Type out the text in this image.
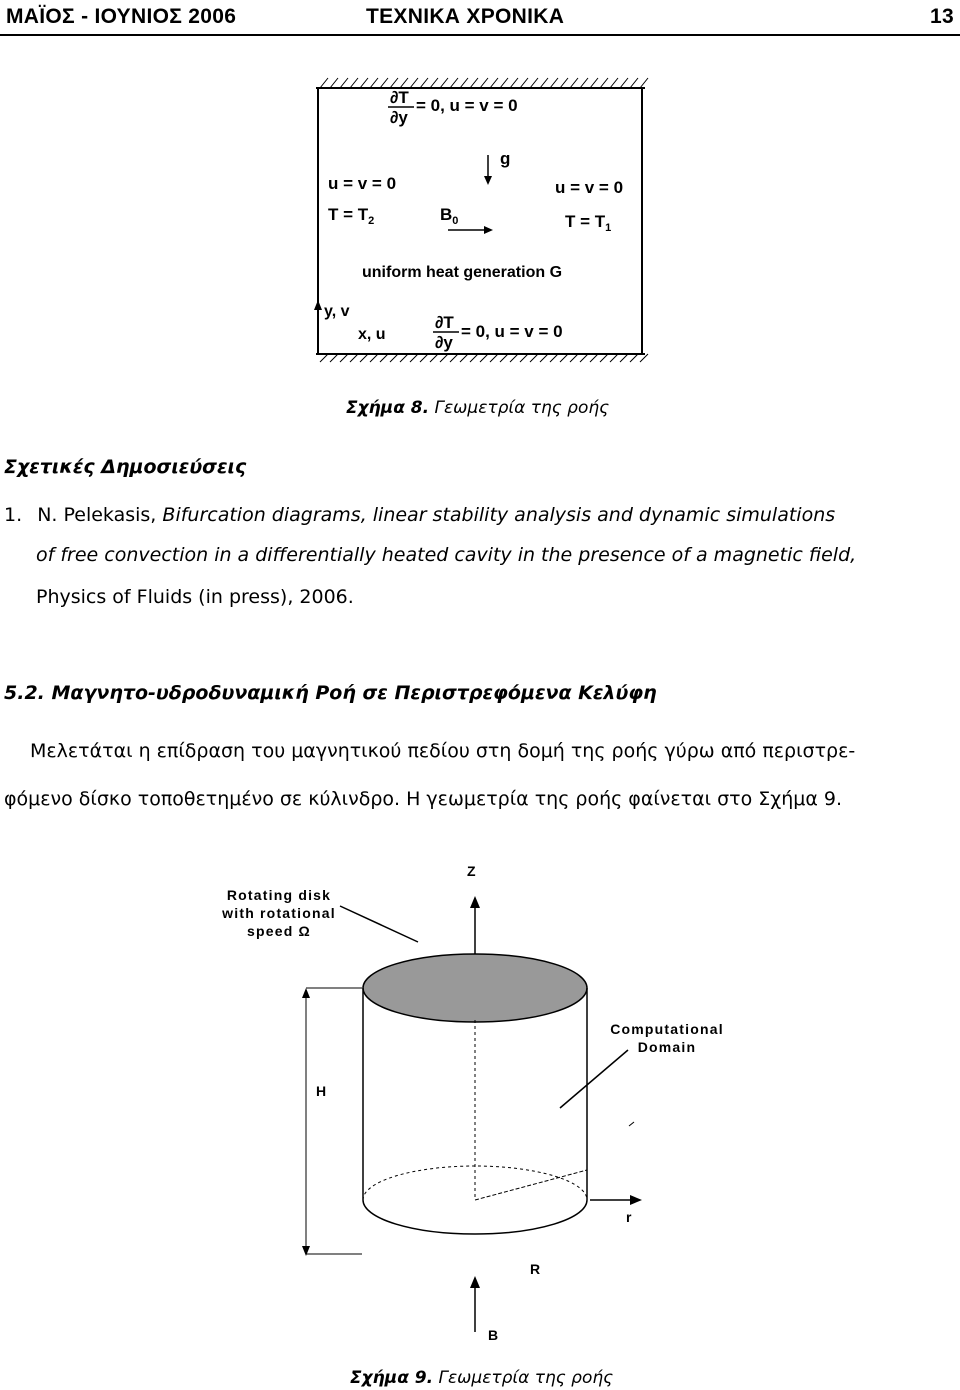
ΜΑΪΟΣ - ΙΟΥΝΙΟΣ 2006	ΤΕΧΝΙΚΑ ΧΡΟΝΙΚΑ	13
∂T
∂y
= 0, u = v = 0
g
u = v = 0
$T = T_2$
u = v = 0
$T = T_1$
$B_0$
uniform heat generation G
y, v
x, u
∂T
∂y
= 0, u = v = 0
Σχήμα 8. Γεωμετρία της ροής
Σχετικές Δημοσιεύσεις
1. N. Pelekasis, Bifurcation diagrams, linear stability analysis and dynamic simulations
of free convection in a differentially heated cavity in the presence of a magnetic field,
Physics of Fluids (in press), 2006.
5.2. Μαγνητο-υδροδυναμική Ροή σε Περιστρεφόμενα Κελύφη
Μελετάται η επίδραση του μαγνητικού πεδίου στη δομή της ροής γύρω από περιστρε-
φόμενο δίσκο τοποθετημένο σε κύλινδρο. Η γεωμετρία της ροής φαίνεται στο Σχήμα 9.
Z
r
R
H
B
Rotating disk
with rotational
speed Ω
Computational
Domain
Σχήμα 9. Γεωμετρία της ροής
